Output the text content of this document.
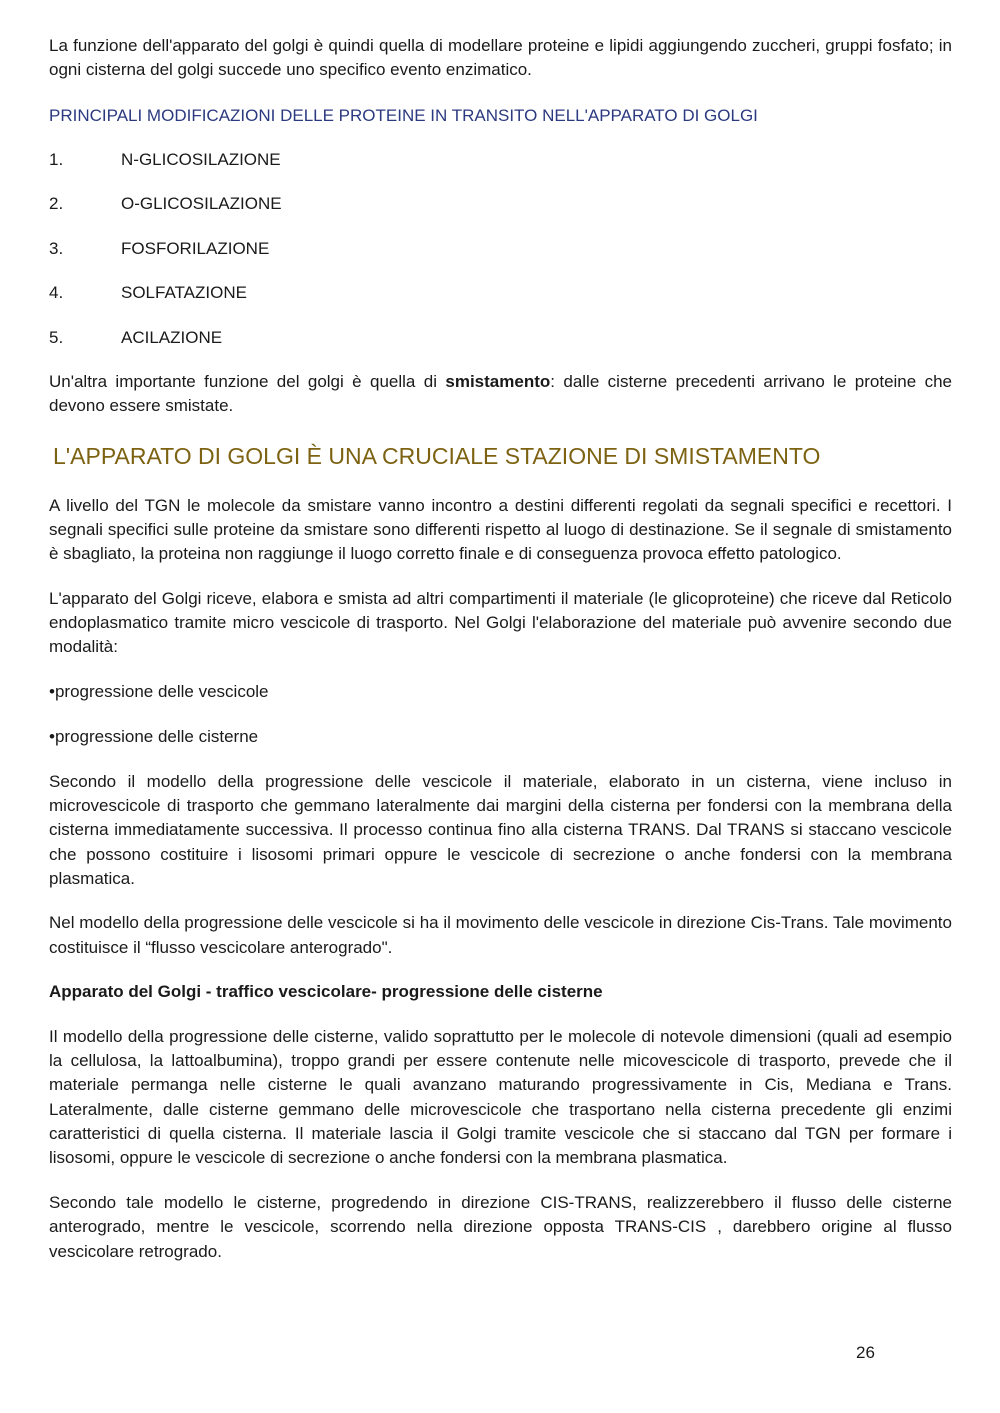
La funzione dell'apparato del golgi è quindi quella di modellare proteine e lipidi aggiungendo zuccheri, gruppi fosfato; in ogni cisterna del golgi succede uno specifico evento enzimatico.

PRINCIPALI MODIFICAZIONI DELLE PROTEINE IN TRANSITO NELL'APPARATO DI GOLGI
1.	N-GLICOSILAZIONE
2.	O-GLICOSILAZIONE
3.	FOSFORILAZIONE
4.	SOLFATAZIONE
5.	ACILAZIONE

Un'altra importante funzione del golgi è quella di smistamento: dalle cisterne precedenti arrivano le proteine che devono essere smistate.

L'APPARATO DI GOLGI È UNA CRUCIALE STAZIONE DI SMISTAMENTO

A livello del TGN le molecole da smistare vanno incontro a destini differenti regolati da segnali specifici e recettori. I segnali specifici sulle proteine da smistare sono differenti rispetto al luogo di destinazione. Se il segnale di smistamento è sbagliato, la proteina non raggiunge il luogo corretto finale e di conseguenza provoca effetto patologico.

L'apparato del Golgi riceve, elabora e smista ad altri compartimenti il materiale (le glicoproteine) che riceve dal Reticolo endoplasmatico tramite micro vescicole di trasporto. Nel Golgi l'elaborazione del materiale può avvenire secondo due modalità:

•progressione delle vescicole

•progressione delle cisterne

Secondo il modello della progressione delle vescicole il materiale, elaborato in un cisterna, viene incluso in microvescicole di trasporto che gemmano lateralmente dai margini della cisterna per fondersi con la membrana della cisterna immediatamente successiva. Il processo continua fino alla cisterna TRANS. Dal TRANS si staccano vescicole che possono costituire i lisosomi primari oppure le vescicole di secrezione o anche fondersi con la membrana plasmatica.

Nel modello della progressione delle vescicole si ha il movimento delle vescicole in direzione Cis-Trans. Tale movimento costituisce il “flusso vescicolare anterogrado".

Apparato del Golgi - traffico vescicolare- progressione delle cisterne

Il modello della progressione delle cisterne, valido soprattutto per le molecole di notevole dimensioni (quali ad esempio la cellulosa, la lattoalbumina), troppo grandi per essere contenute nelle micovescicole di trasporto, prevede che il materiale permanga nelle cisterne le quali avanzano maturando progressivamente in Cis, Mediana e Trans. Lateralmente, dalle cisterne gemmano delle microvescicole che trasportano nella cisterna precedente gli enzimi caratteristici di quella cisterna. Il materiale lascia il Golgi tramite vescicole che si staccano dal TGN per formare i lisosomi, oppure le vescicole di secrezione o anche fondersi con la membrana plasmatica.

Secondo tale modello le cisterne, progredendo in direzione CIS-TRANS, realizzerebbero il flusso delle cisterne anterogrado, mentre le vescicole, scorrendo nella direzione opposta TRANS-CIS , darebbero origine al flusso vescicolare retrogrado.

26
